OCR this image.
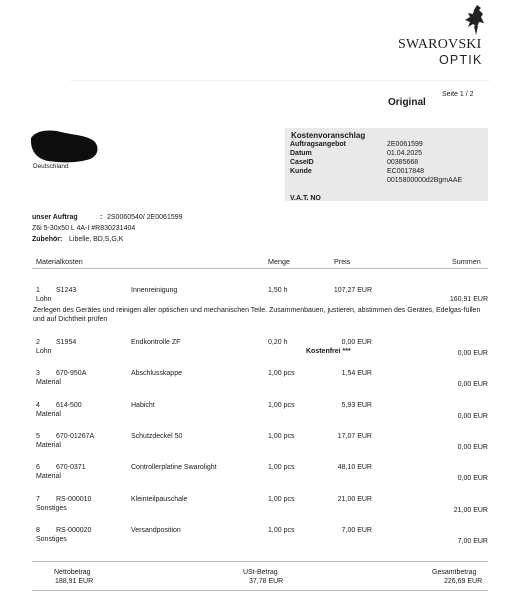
SWAROVSKI
OPTIK
Original
Seite 1 / 2
Deutschland
Kostenvoranschlag
Auftragsangebot	2E0061599
Datum	01.04.2025
CaseID	00385668
Kunde	EC0017848
0015800000d2BgmAAE
V.A.T. NO
unser Auftrag	: 2S0060540/ 2E0061599
Z6i 5-30x50 L 4A-I #R830231404
Zubehör: Libelle, BD,S,G,K
Materialkosten	Menge	Preis	Summen
1 S1243	Innenreinigung	1,50 h	107,27 EUR
Lohn	160,91 EUR
Zerlegen des Gerätes und reinigen aller optischen und mechanischen Teile. Zusammenbauen, justieren, abstimmen des Gerätes, Edelgas-füllen und auf Dichtheit prüfen
2 S1954	Endkontrolle ZF	0,20 h	0,00 EUR
Lohn	Kostenfrei ***	0,00 EUR
3 670-950A	Abschlusskappe	1,00 pcs	1,54 EUR
Material	0,00 EUR
4 614-500	Habicht	1,00 pcs	5,93 EUR
Material	0,00 EUR
5 670-01267A	Schutzdeckel 50	1,00 pcs	17,07 EUR
Material	0,00 EUR
6 670-0371	Controllerplatine Swarolight	1,00 pcs	48,10 EUR
Material	0,00 EUR
7 RS-000010	Kleinteilpauschale	1,00 pcs	21,00 EUR
Sonstiges	21,00 EUR
8 RS-000020	Versandposition	1,00 pcs	7,00 EUR
Sonstiges	7,00 EUR
Nettobetrag
188,91 EUR
USt-Betrag
37,78 EUR
Gesamtbetrag
226,69 EUR
